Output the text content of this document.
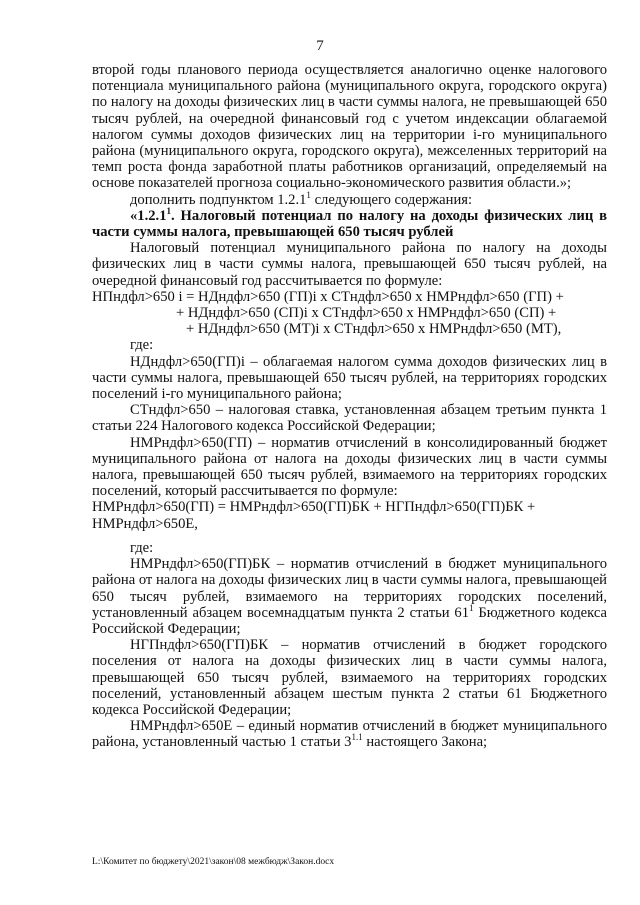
7

второй годы планового периода осуществляется аналогично оценке налогового потенциала муниципального района (муниципального округа, городского округа) по налогу на доходы физических лиц в части суммы налога, не превышающей 650 тысяч рублей, на очередной финансовый год с учетом индексации облагаемой налогом суммы доходов физических лиц на территории i-го муниципального района (муниципального округа, городского округа), межселенных территорий на темп роста фонда заработной платы работников организаций, определяемый на основе показателей прогноза социально-экономического развития области.»;

дополнить подпунктом 1.2.1$^1$ следующего содержания:

«1.2.1$^1$. Налоговый потенциал по налогу на доходы физических лиц в части суммы налога, превышающей 650 тысяч рублей

Налоговый потенциал муниципального района по налогу на доходы физических лиц в части суммы налога, превышающей 650 тысяч рублей, на очередной финансовый год рассчитывается по формуле:

НПндфл>650 i = НДндфл>650 (ГП)i x СТндфл>650 x НМРндфл>650 (ГП) +

+ НДндфл>650 (СП)i x СТндфл>650 x НМРндфл>650 (СП) +

+ НДндфл>650 (МТ)i x СТндфл>650 x НМРндфл>650 (МТ),

где:

НДндфл>650(ГП)i – облагаемая налогом сумма доходов физических лиц в части суммы налога, превышающей 650 тысяч рублей, на территориях городских поселений i-го муниципального района;

СТндфл>650 – налоговая ставка, установленная абзацем третьим пункта 1 статьи 224 Налогового кодекса Российской Федерации;

НМРндфл>650(ГП) – норматив отчислений в консолидированный бюджет муниципального района от налога на доходы физических лиц в части суммы налога, превышающей 650 тысяч рублей, взимаемого на территориях городских поселений, который рассчитывается по формуле:

НМРндфл>650(ГП) = НМРндфл>650(ГП)БК + НГПндфл>650(ГП)БК +

НМРндфл>650Е,

где:

НМРндфл>650(ГП)БК – норматив отчислений в бюджет муниципального района от налога на доходы физических лиц в части суммы налога, превышающей 650 тысяч рублей, взимаемого на территориях городских поселений, установленный абзацем восемнадцатым пункта 2 статьи $61^1$ Бюджетного кодекса Российской Федерации;

НГПндфл>650(ГП)БК – норматив отчислений в бюджет городского поселения от налога на доходы физических лиц в части суммы налога, превышающей 650 тысяч рублей, взимаемого на территориях городских поселений, установленный абзацем шестым пункта 2 статьи 61 Бюджетного кодекса Российской Федерации;

НМРндфл>650Е – единый норматив отчислений в бюджет муниципального района, установленный частью 1 статьи $3^{1.1}$ настоящего Закона;

L:\Комитет по бюджету\2021\закон\08 межбюдж\Закон.docx
